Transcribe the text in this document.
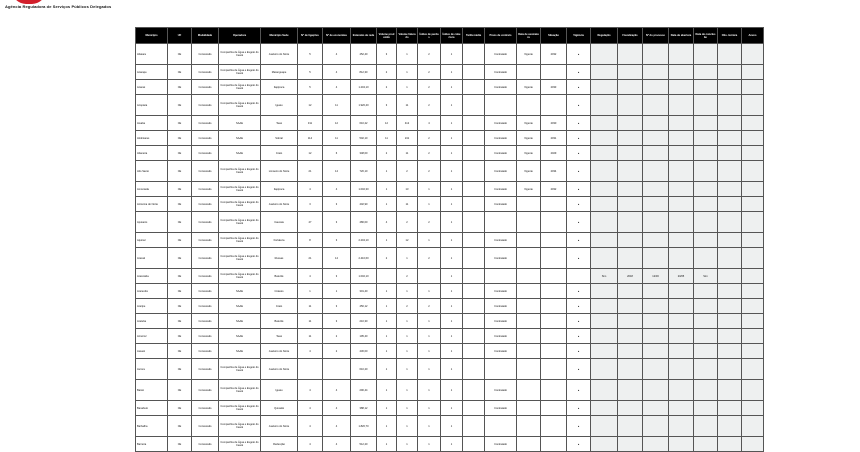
Agência Reguladora de Serviços Públicos Delegados
Município	UF	Modalidade	Operadora	Município Sede	Nº de ligações	Nº de economias	Extensão de rede	Volume produzido	Volume faturado	Índice de perdas	Índice de cobertura	Tarifa média	Prazo de contrato	Data de assinatura	Situação	Vigência	Regulação	Fiscalização	Nº do processo	Data de abertura	Data de conclusão	Obs. técnica	Anexo
Abaiara	CE	Concessão	Companhia de Água e Esgoto do Ceará	Juazeiro do Norte	5	4	452,40	3	1	2	1		Contratado	Vigente	2032	●							
Acarape	CE	Concessão	Companhia de Água e Esgoto do Ceará	Maranguape	5	4	812,30	2	1	2	1		Contratado			●							
Acaraú	CE	Concessão	Companhia de Água e Esgoto do Ceará	Itapipoca	5	4	1.204,10	2	1	2	1		Contratado	Vigente	2033	●							
Acopiara	CE	Concessão	Companhia de Água e Esgoto do Ceará	Iguatu	12	11	1.920,40	3	11	2	1					●							
Aiuaba	CE	Concessão	SAAE	Tauá	311	12	610,22	12	412	4	1		Contratado	Vigente	2030	●							
Alcântaras	CE	Concessão	SAAE	Sobral	114	11	502,10	11	241	2	1		Contratado	Vigente	2031	●							
Altaneira	CE	Concessão	SAAE	Crato	12	6	348,00	2	11	2	1		Contratado	Vigente	2029	●							
Alto Santo	CE	Concessão	Companhia de Água e Esgoto do Ceará	Limoeiro do Norte	21	14	720,10	1	2	2	1		Contratado	Vigente	2034	●							
Amontada	CE	Concessão	Companhia de Água e Esgoto do Ceará	Itapipoca	4	4	1.002,30	1	13	1	1		Contratado	Vigente	2032	●							
Antonina do Norte	CE	Concessão	Companhia de Água e Esgoto do Ceará	Juazeiro do Norte	3	3	402,90	1	11	1	1		Contratado			●							
Apuiarés	CE	Concessão	Companhia de Água e Esgoto do Ceará	Caucaia	47	3	480,00	4	2	2	1					●							
Aquiraz	CE	Concessão	Companhia de Água e Esgoto do Ceará	Fortaleza	8	3	2.204,10	1	12	1	1		Contratado			●							
Aracati	CE	Concessão	Companhia de Água e Esgoto do Ceará	Russas	21	14	2.410,60	2	1	2	1		Contratado			●							
Aracoiaba	CE	Concessão	Companhia de Água e Esgoto do Ceará	Baturité	4	3	1.002,10		2		1						Sim	2018	12/03	20/05	Sim		
Ararendá	CE	Concessão	SAAE	Crateús	1	1	301,40	1	1	1	1		Contratado			●							
Araripe	CE	Concessão	SAAE	Crato	11	3	450,12	1	2	2	1		Contratado			●							
Aratuba	CE	Concessão	SAAE	Baturité	11	3	210,30	1	1	1	1		Contratado			●							
Arneiroz	CE	Concessão	SAAE	Tauá	11	2	195,40	1	1	1	1		Contratado			●							
Assaré	CE	Concessão	SAAE	Juazeiro do Norte	4	2	430,00	1	1	1	1		Contratado			●							
Aurora	CE	Concessão	Companhia de Água e Esgoto do Ceará	Juazeiro do Norte			610,20	1	1	1	1					●							
Baixio	CE	Concessão	Companhia de Água e Esgoto do Ceará	Iguatu	4	4	290,44	1	1	1	1		Contratado			●							
Banabuiú	CE	Concessão	Companhia de Água e Esgoto do Ceará	Quixadá	4	4	388,12	1	1	1	1		Contratado			●							
Barbalha	CE	Concessão	Companhia de Água e Esgoto do Ceará	Juazeiro do Norte	4	4	1.820,70	1	1	1	1					●							
Barreira	CE	Concessão	Companhia de Água e Esgoto do Ceará	Redenção	4	4	512,20	1	1	1	1		Contratado			●							
